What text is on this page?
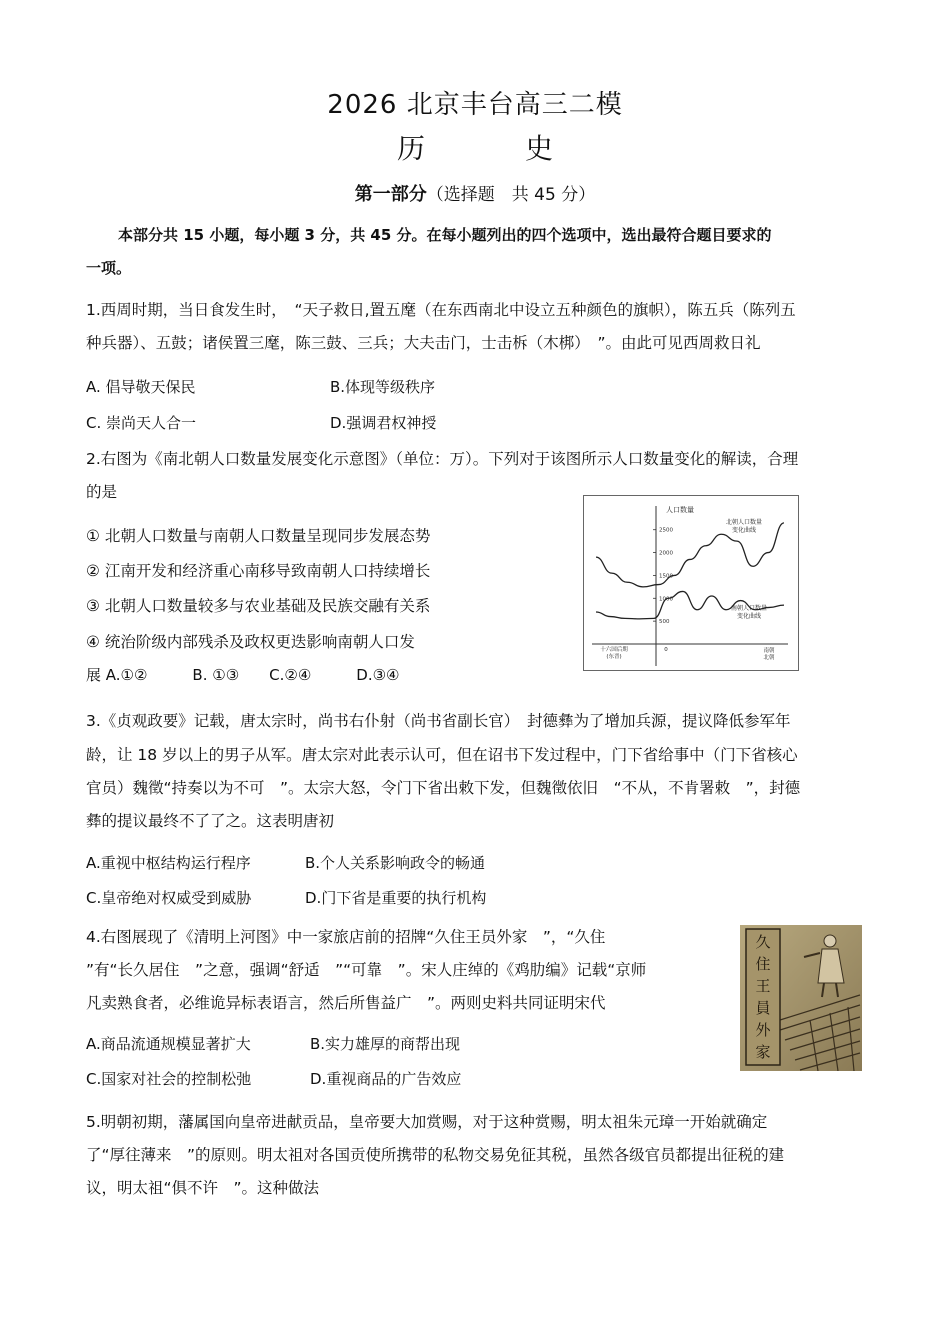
2026 北京丰台高三二模
历　史
第一部分（选择题　共 45 分）
本部分共 15 小题，每小题 3 分，共 45 分。在每小题列出的四个选项中，选出最符合题目要求的
一项。
1.西周时期，当日食发生时，　“天子救日,置五麾（在东西南北中设立五种颜色的旗帜），陈五兵（陈列五
种兵器）、五鼓；诸侯置三麾，陈三鼓、三兵；大夫击门，士击柝（木梆）　”。由此可见西周救日礼
A. 倡导敬天保民	B.体现等级秩序
C. 崇尚天人合一	D.强调君权神授
2.右图为《南北朝人口数量发展变化示意图》（单位：万）。下列对于该图所示人口数量变化的解读，合理
的是
① 北朝人口数量与南朝人口数量呈现同步发展态势
② 江南开发和经济重心南移导致南朝人口持续增长
③ 北朝人口数量较多与农业基础及民族交融有关系
④ 统治阶级内部残杀及政权更迭影响南朝人口发
展 A.①②　　　B. ①③　　C.②④　　　D.③④
人口数量
2500
2000
1500
1000
500
十六国后期
(东晋)
0	南朝
北朝
北朝人口数量
变化曲线
南朝人口数量
变化曲线
3.《贞观政要》记载，唐太宗时，尚书右仆射（尚书省副长官）　封德彝为了增加兵源，提议降低参军年
龄，让 18 岁以上的男子从军。唐太宗对此表示认可，但在诏书下发过程中，门下省给事中（门下省核心
官员）魏徵“持奏以为不可　”。太宗大怒，令门下省出敕下发，但魏徵依旧　“不从，不肯署敕　”，封德
彝的提议最终不了了之。这表明唐初
A.重视中枢结构运行程序	B.个人关系影响政令的畅通
C.皇帝绝对权威受到威胁	D.门下省是重要的执行机构
4.右图展现了《清明上河图》中一家旅店前的招牌“久住王员外家　”，“久住
”有“长久居住　”之意，强调“舒适　”“可靠　”。宋人庄绰的《鸡肋编》记载“京师
凡卖熟食者，必维诡异标表语言，然后所售益广　”。两则史料共同证明宋代
A.商品流通规模显著扩大	B.实力雄厚的商帮出现
C.国家对社会的控制松弛	D.重视商品的广告效应
久住王員外家
5.明朝初期，藩属国向皇帝进献贡品，皇帝要大加赏赐，对于这种赏赐，明太祖朱元璋一开始就确定
了“厚往薄来　”的原则。明太祖对各国贡使所携带的私物交易免征其税，虽然各级官员都提出征税的建
议，明太祖“俱不许　”。这种做法
